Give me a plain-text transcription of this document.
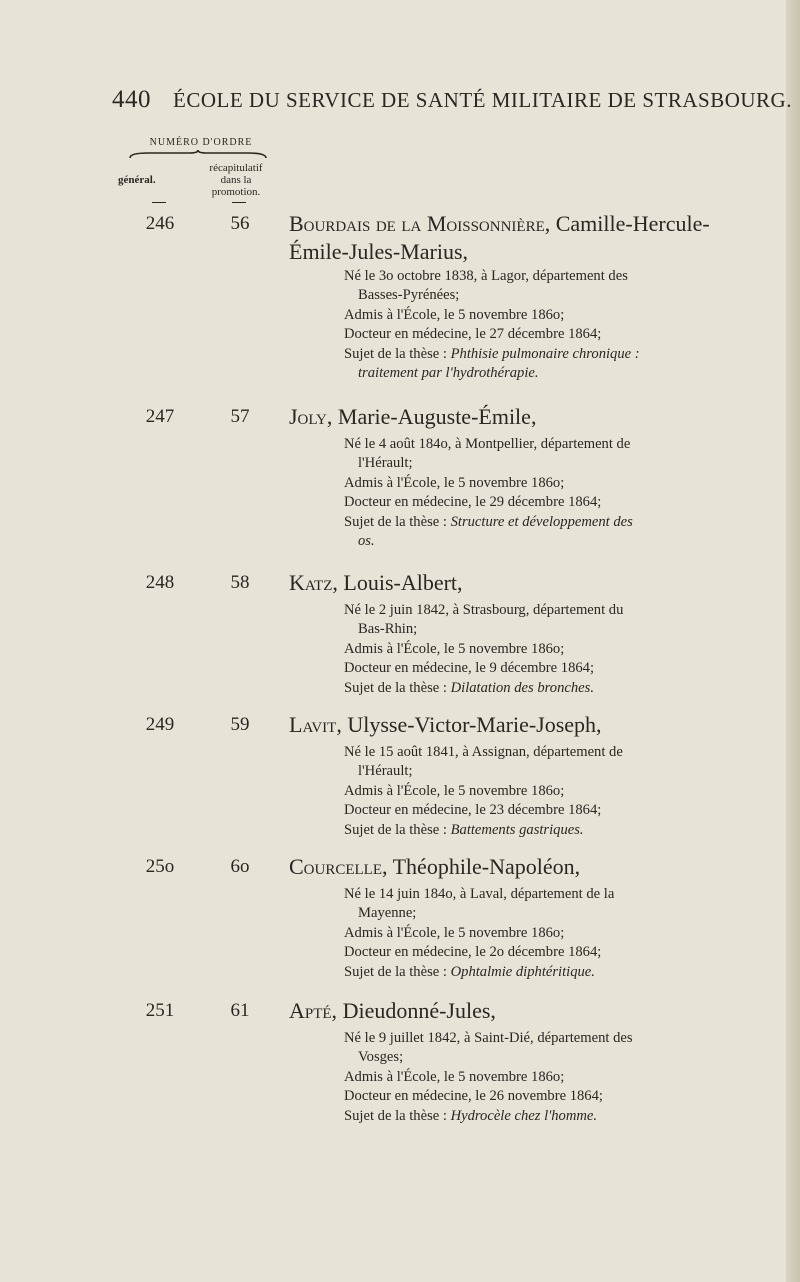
440 ÉCOLE DU SERVICE DE SANTÉ MILITAIRE DE STRASBOURG.
NUMÉRO D'ORDRE
récapitulatif
dans la
promotion.
général.
246	56	Bourdais de la Moissonnière, Camille-Hercule-
Émile-Jules-Marius,

Né le 3o octobre 1838, à Lagor, département des

Basses-Pyrénées;

Admis à l'École, le 5 novembre 186o;

Docteur en médecine, le 27 décembre 1864;

Sujet de la thèse : Phthisie pulmonaire chronique :

traitement par l'hydrothérapie.

247	57	Joly, Marie-Auguste-Émile,

Né le 4 août 184o, à Montpellier, département de

l'Hérault;

Admis à l'École, le 5 novembre 186o;

Docteur en médecine, le 29 décembre 1864;

Sujet de la thèse : Structure et développement des

os.

248	58	Katz, Louis-Albert,

Né le 2 juin 1842, à Strasbourg, département du

Bas-Rhin;

Admis à l'École, le 5 novembre 186o;

Docteur en médecine, le 9 décembre 1864;

Sujet de la thèse : Dilatation des bronches.

249	59	Lavit, Ulysse-Victor-Marie-Joseph,

Né le 15 août 1841, à Assignan, département de

l'Hérault;

Admis à l'École, le 5 novembre 186o;

Docteur en médecine, le 23 décembre 1864;

Sujet de la thèse : Battements gastriques.

25o	6o	Courcelle, Théophile-Napoléon,

Né le 14 juin 184o, à Laval, département de la

Mayenne;

Admis à l'École, le 5 novembre 186o;

Docteur en médecine, le 2o décembre 1864;

Sujet de la thèse : Ophtalmie diphtéritique.

251	61	Apté, Dieudonné-Jules,

Né le 9 juillet 1842, à Saint-Dié, département des

Vosges;

Admis à l'École, le 5 novembre 186o;

Docteur en médecine, le 26 novembre 1864;

Sujet de la thèse : Hydrocèle chez l'homme.
